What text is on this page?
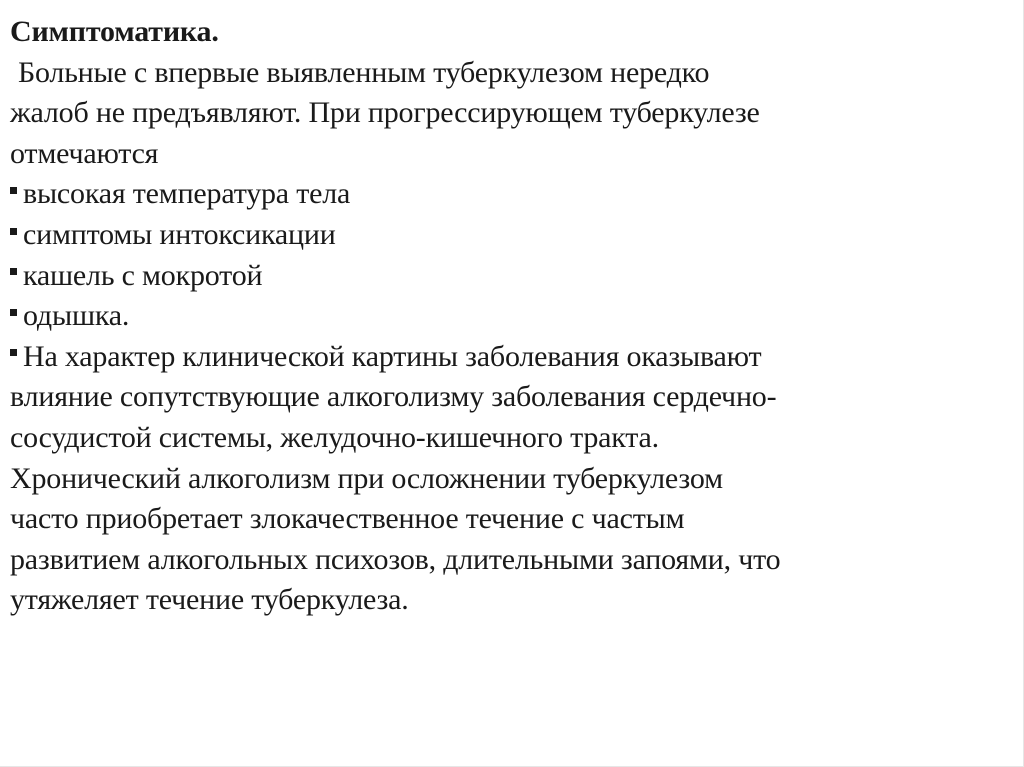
Симптоматика.
Больные с впервые выявленным туберкулезом нередко
жалоб не предъявляют. При прогрессирующем туберкулезе
отмечаются
высокая температура тела
симптомы интоксикации
кашель с мокротой
одышка.
На характер клинической картины заболевания оказывают
влияние сопутствующие алкоголизму заболевания сердечно-
сосудистой системы, желудочно-кишечного тракта.
Хронический алкоголизм при осложнении туберкулезом
часто приобретает злокачественное течение с частым
развитием алкогольных психозов, длительными запоями, что
утяжеляет течение туберкулеза.
